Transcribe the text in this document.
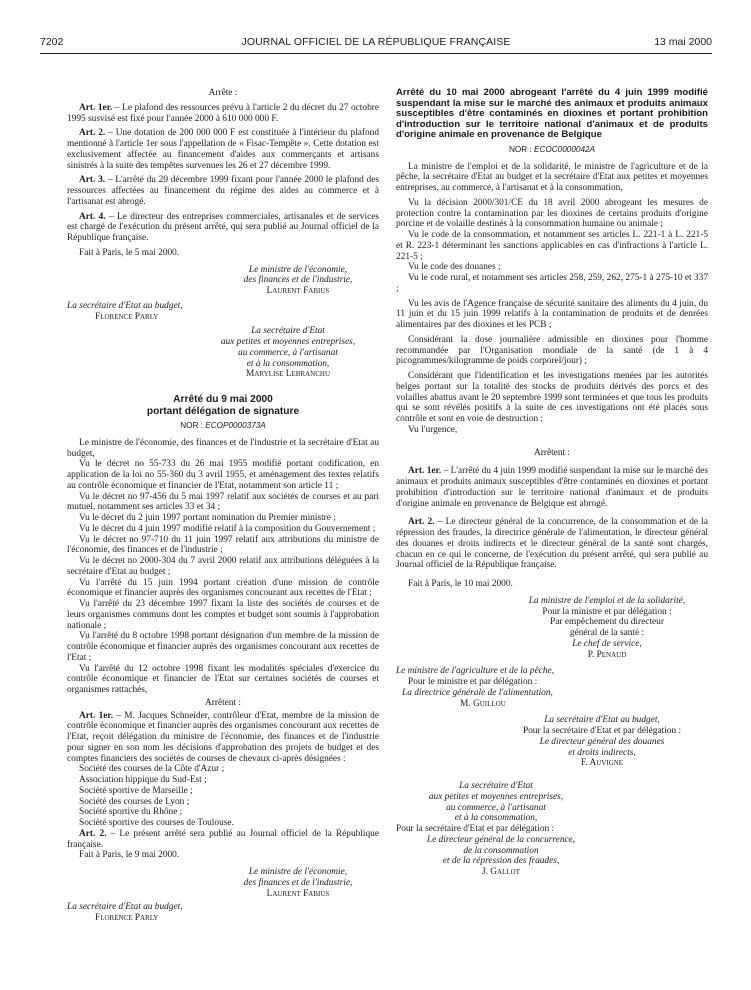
7202	JOURNAL OFFICIEL DE LA RÉPUBLIQUE FRANÇAISE	13 mai 2000

Arrête :

Art. 1er. – Le plafond des ressources prévu à l'article 2 du décret du 27 octobre 1995 susvisé est fixé pour l'année 2000 à 610 000 000 F.

Art. 2. – Une dotation de 200 000 000 F est constituée à l'intérieur du plafond mentionné à l'article 1er sous l'appellation de « Fisac-Tempête ». Cette dotation est exclusivement affectée au financement d'aides aux commerçants et artisans sinistrés à la suite des tempêtes survenues les 26 et 27 décembre 1999.

Art. 3. – L'arrêté du 29 décembre 1999 fixant pour l'année 2000 le plafond des ressources affectées au financement du régime des aides au commerce et à l'artisanat est abrogé.

Art. 4. – Le directeur des entreprises commerciales, artisanales et de services est chargé de l'exécution du présent arrêté, qui sera publié au Journal officiel de la République française.

Fait à Paris, le 5 mai 2000.

Le ministre de l'économie,

des finances et de l'industrie,

Laurent Fabius

La secrétaire d'Etat au budget,

Florence Parly

La secrétaire d'Etat

aux petites et moyennes entreprises,

au commerce, à l'artisanat

et à la consommation,

Marylise Lebranchu

Arrêté du 9 mai 2000

portant délégation de signature

NOR : ECOP0000373A

Le ministre de l'économie, des finances et de l'industrie et la secrétaire d'Etat au budget,

Vu le décret no 55-733 du 26 mai 1955 modifié portant codification, en application de la loi no 55-360 du 3 avril 1955, et aménagement des textes relatifs au contrôle économique et financier de l'Etat, notamment son article 11 ;

Vu le décret no 97-456 du 5 mai 1997 relatif aux sociétés de courses et au pari mutuel, notamment ses articles 33 et 34 ;

Vu le décret du 2 juin 1997 portant nomination du Premier ministre ;

Vu le décret du 4 juin 1997 modifié relatif à la composition du Gouvernement ;

Vu le décret no 97-710 du 11 juin 1997 relatif aux attributions du ministre de l'économie, des finances et de l'industrie ;

Vu le décret no 2000-304 du 7 avril 2000 relatif aux attributions déléguées à la secrétaire d'Etat au budget ;

Vu l'arrêté du 15 juin 1994 portant création d'une mission de contrôle économique et financier auprès des organismes concourant aux recettes de l'Etat ;

Vu l'arrêté du 23 décembre 1997 fixant la liste des sociétés de courses et de leurs organismes communs dont les comptes et budget sont soumis à l'approbation nationale ;

Vu l'arrêté du 8 octobre 1998 portant désignation d'un membre de la mission de contrôle économique et financier auprès des organismes concourant aux recettes de l'Etat ;

Vu l'arrêté du 12 octobre 1998 fixant les modalités spéciales d'exercice du contrôle économique et financier de l'Etat sur certaines sociétés de courses et organismes rattachés,

Arrêtent :

Art. 1er. – M. Jacques Schneider, contrôleur d'Etat, membre de la mission de contrôle économique et financier auprès des organismes concourant aux recettes de l'Etat, reçoit délégation du ministre de l'économie, des finances et de l'industrie pour signer en son nom les décisions d'approbation des projets de budget et des comptes financiers des sociétés de courses de chevaux ci-après désignées :

Société des courses de la Côte d'Azur ;

Association hippique du Sud-Est ;

Société sportive de Marseille ;

Société des courses de Lyon ;

Société sportive du Rhône ;

Société sportive des courses de Toulouse.

Art. 2. – Le présent arrêté sera publié au Journal officiel de la République française.

Fait à Paris, le 9 mai 2000.

Le ministre de l'économie,

des finances et de l'industrie,

Laurent Fabius

La secrétaire d'Etat au budget,

Florence Parly

Arrêté du 10 mai 2000 abrogeant l'arrêté du 4 juin 1999 modifié suspendant la mise sur le marché des animaux et produits animaux susceptibles d'être contaminés en dioxines et portant prohibition d'introduction sur le territoire national d'animaux et de produits d'origine animale en provenance de Belgique

NOR : ECOC0000042A

La ministre de l'emploi et de la solidarité, le ministre de l'agriculture et de la pêche, la secrétaire d'Etat au budget et la secrétaire d'Etat aux petites et moyennes entreprises, au commerce, à l'artisanat et à la consommation,

Vu la décision 2000/301/CE du 18 avril 2000 abrogeant les mesures de protection contre la contamination par les dioxines de certains produits d'origine porcine et de volaille destinés à la consommation humaine ou animale ;

Vu le code de la consommation, et notamment ses articles L. 221-1 à L. 221-5 et R. 223-1 déterminant les sanctions applicables en cas d'infractions à l'article L. 221-5 ;

Vu le code des douanes ;

Vu le code rural, et notamment ses articles 258, 259, 262, 275-1 à 275-10 et 337 ;

Vu les avis de l'Agence française de sécurité sanitaire des aliments du 4 juin, du 11 juin et du 15 juin 1999 relatifs à la contamination de produits et de denrées alimentaires par des dioxines et les PCB ;

Considérant la dose journalière admissible en dioxines pour l'homme recommandée par l'Organisation mondiale de la santé (de 1 à 4 picogrammes/kilogramme de poids corporel/jour) ;

Considérant que l'identification et les investigations menées par les autorités belges portant sur la totalité des stocks de produits dérivés des porcs et des volailles abattus avant le 20 septembre 1999 sont terminées et que tous les produits qui se sont révélés positifs à la suite de ces investigations ont été placés sous contrôle et sont en voie de destruction ;

Vu l'urgence,

Arrêtent :

Art. 1er. – L'arrêté du 4 juin 1999 modifié suspendant la mise sur le marché des animaux et produits animaux susceptibles d'être contaminés en dioxines et portant prohibition d'introduction sur le territoire national d'animaux et de produits d'origine animale en provenance de Belgique est abrogé.

Art. 2. – Le directeur général de la concurrence, de la consommation et de la répression des fraudes, la directrice générale de l'alimentation, le directeur général des douanes et droits indirects et le directeur général de la santé sont chargés, chacun en ce qui le concerne, de l'exécution du présent arrêté, qui sera publié au Journal officiel de la République française.

Fait à Paris, le 10 mai 2000.

La ministre de l'emploi et de la solidarité,

Pour la ministre et par délégation :

Par empêchement du directeur

général de la santé :

Le chef de service,

P. Penaud

Le ministre de l'agriculture et de la pêche,

Pour le ministre et par délégation :

La directrice générale de l'alimentation,

M. Guillou

La secrétaire d'Etat au budget,

Pour la secrétaire d'Etat et par délégation :

Le directeur général des douanes

et droits indirects,

F. Auvigne

La secrétaire d'Etat

aux petites et moyennes entreprises,

au commerce, à l'artisanat

et à la consommation,

Pour la secrétaire d'Etat et par délégation :

Le directeur général de la concurrence,

de la consommation

et de la répression des fraudes,

J. Gallot
